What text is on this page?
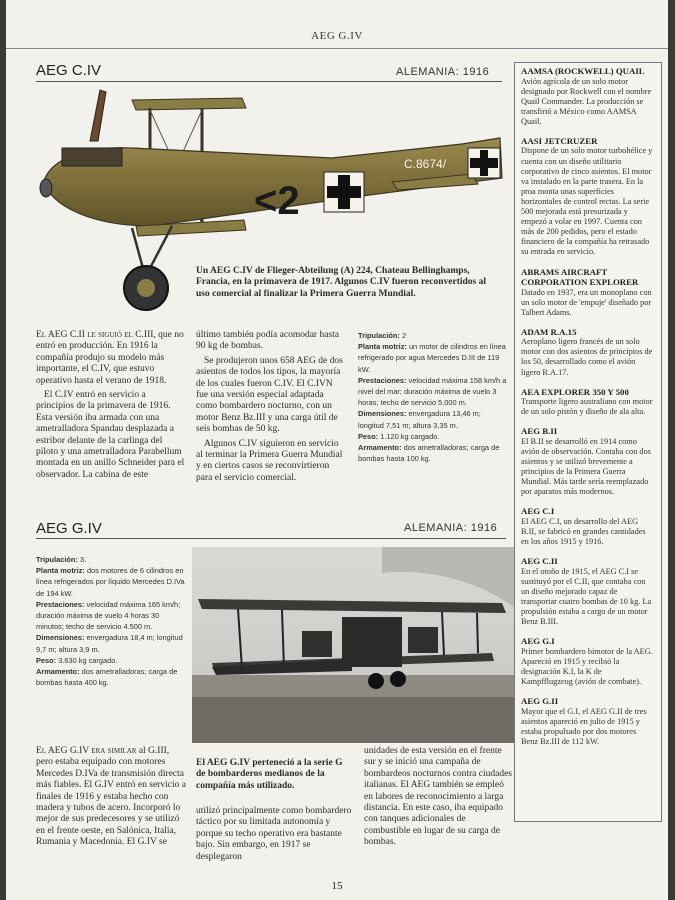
AEG G.IV
AEG C.IV	ALEMANIA: 1916
<2
C.8674/
Un AEG C.IV de Flieger-Abteilung (A) 224, Chateau Bellinghamps, Francia, en la primavera de 1917. Algunos C.IV fueron reconvertidos al uso comercial al finalizar la Primera Guerra Mundial.

El AEG C.II le siguió el C.III, que no entró en producción. En 1916 la compañía produjo su modelo más importante, el C.IV, que estuvo operativo hasta el verano de 1918.

El C.IV entró en servicio a principios de la primavera de 1916. Esta versión iba armada con una ametralladora Spandau desplazada a estribor delante de la carlinga del piloto y una ametralladora Parabellum montada en un anillo Schneider para el observador. La cabina de este

último también podía acomodar hasta 90 kg de bombas.

Se produjeron unos 658 AEG de dos asientos de todos los tipos, la mayoría de los cuales fueron C.IV. El C.IVN fue una versión especial adaptada como bombardero nocturno, con un motor Benz Bz.III y una carga útil de seis bombas de 50 kg.

Algunos C.IV siguieron en servicio al terminar la Primera Guerra Mundial y en ciertos casos se reconvirtieron para el servicio comercial.

Tripulación: 2
Planta motriz: un motor de cilindros en línea refrigerado por agua Mercedes D.III de 119 kW.
Prestaciones: velocidad máxima 158 km/h a nivel del mar; duración máxima de vuelo 3 horas; techo de servicio 5.000 m.
Dimensiones: envergadura 13,46 m; longitud 7,51 m; altura 3,35 m.
Peso: 1.120 kg cargado.
Armamento: dos ametralladoras; carga de bombas hasta 100 kg.
AEG G.IV	ALEMANIA: 1916
Tripulación: 3.
Planta motriz: dos motores de 6 cilindros en línea refrigerados por líquido Mercedes D.IVa de 194 kW.
Prestaciones: velocidad máxima 165 km/h; duración máxima de vuelo 4 horas 30 minutos; techo de servicio 4.500 m.
Dimensiones: envergadura 18,4 m; longitud 9,7 m; altura 3,9 m.
Peso: 3.630 kg cargado.
Armamento: dos ametralladoras; carga de bombas hasta 400 kg.
El AEG G.IV perteneció a la serie G de bombarderos medianos de la compañía más utilizado.

El AEG G.IV era similar al G.III, pero estaba equipado con motores Mercedes D.IVa de transmisión directa más fiables. El G.IV entró en servicio a finales de 1916 y estaba hecho con madera y tubos de acero. Incorporó lo mejor de sus predecesores y se utilizó en el frente oeste, en Salónica, Italia, Rumania y Macedonia. El G.IV se

utilizó principalmente como bombardero táctico por su limitada autonomía y porque su techo operativo era bastante bajo. Sin embargo, en 1917 se desplegaron

unidades de esta versión en el frente sur y se inició una campaña de bombardeos nocturnos contra ciudades italianas. El AEG también se empleó en labores de reconocimiento a larga distancia. En este caso, iba equipado con tanques adicionales de combustible en lugar de su carga de bombas.

AAMSA (ROCKWELL) QUAIL
Avión agrícola de un solo motor designado por Rockwell con el nombre Quail Commander. La producción se transfirió a México como AAMSA Quail.
AASI JETCRUZER
Dispone de un solo motor turbohélice y cuenta con un diseño utilitario corporativo de cinco asientos. El motor va instalado en la parte trasera. En la proa monta unas superficies horizontales de control rectas. La serie 500 mejorada está presurizada y empezó a volar en 1997. Cuenta con más de 200 pedidos, pero el estado financiero de la compañía ha retrasado su entrada en servicio.
ABRAMS AIRCRAFT CORPORATION EXPLORER
Datado en 1937, era un monoplano con un solo motor de 'empuje' diseñado por Talbert Adams.
ADAM R.A.15
Aeroplano ligero francés de un solo motor con dos asientos de principios de los 50, desarrollado como el avión ligero R.A.17.
AEA EXPLORER 350 Y 500
Transporte ligero australiano con motor de un solo pistón y diseño de ala alta.
AEG B.II
El B.II se desarrolló en 1914 como avión de observación. Contaba con dos asientos y se utilizó brevemente a principios de la Primera Guerra Mundial. Más tarde sería reemplazado por aparatos más modernos.
AEG C.I
El AEG C.I, un desarrollo del AEG B.II, se fabricó en grandes cantidades en los años 1915 y 1916.
AEG C.II
En el otoño de 1915, el AEG C.I se sustituyó por el C.II, que contaba con un diseño mejorado capaz de transportar cuatro bombas de 10 kg. La propulsión estaba a cargo de un motor Benz B.III.
AEG G.I
Primer bombardero bimotor de la AEG. Apareció en 1915 y recibió la designación K.I, la K de Kampfflugzeug (avión de combate).
AEG G.II
Mayor que el G.I, el AEG G.II de tres asientos apareció en julio de 1915 y estaba propulsado por dos motores Benz Bz.III de 112 kW.
15
